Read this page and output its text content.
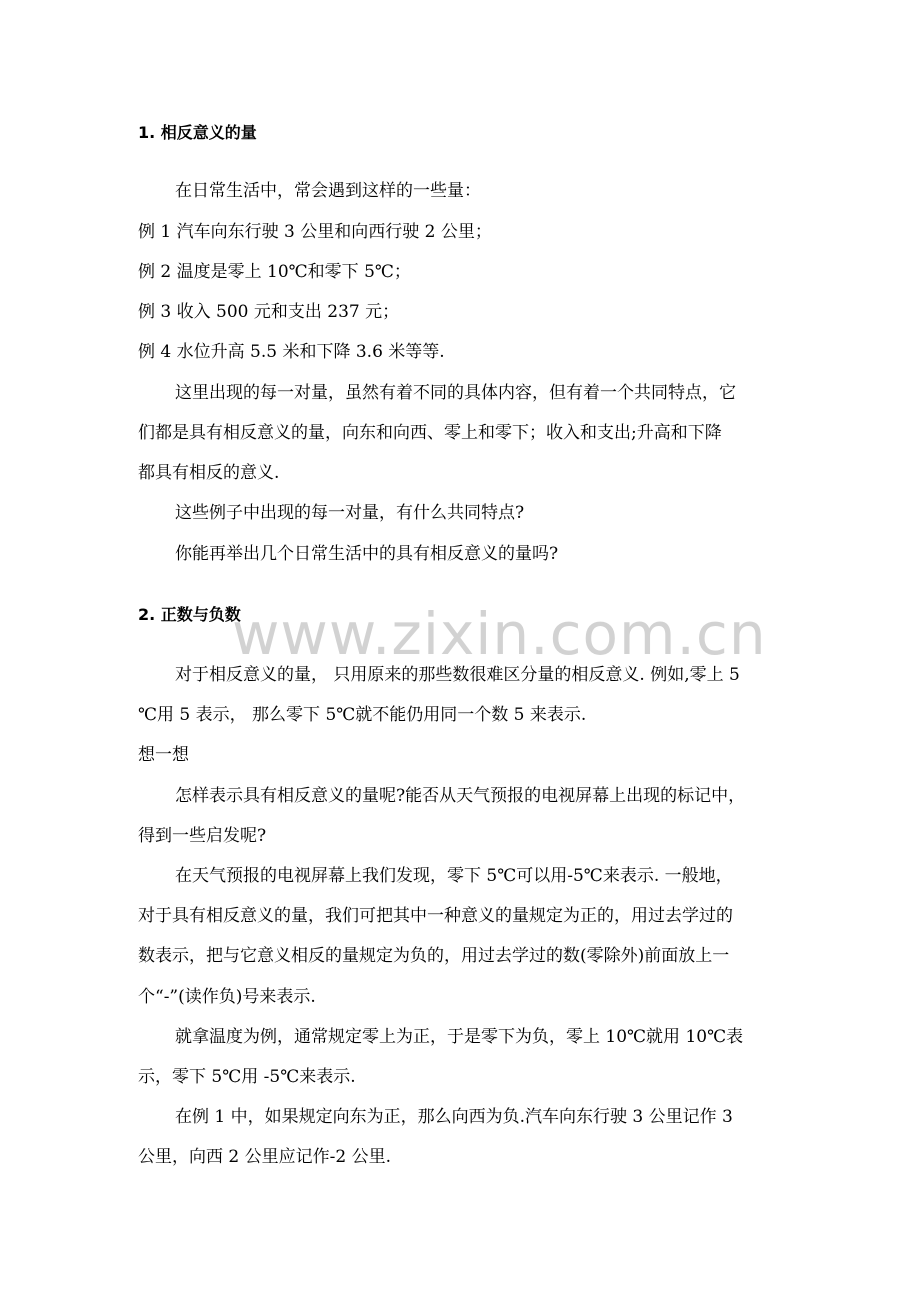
1. 相反意义的量
在日常生活中，常会遇到这样的一些量：
例 1 汽车向东行驶 3 公里和向西行驶 2 公里；
例 2 温度是零上 10℃和零下 5℃；
例 3 收入 500 元和支出 237 元；
例 4 水位升高 5.5 米和下降 3.6 米等等.
这里出现的每一对量，虽然有着不同的具体内容，但有着一个共同特点，它
们都是具有相反意义的量，向东和向西、零上和零下；收入和支出;升高和下降
都具有相反的意义.
这些例子中出现的每一对量，有什么共同特点?
你能再举出几个日常生活中的具有相反意义的量吗?
2. 正数与负数
www.zixin.com.cn
对于相反意义的量， 只用原来的那些数很难区分量的相反意义. 例如,零上 5
℃用 5 表示， 那么零下 5℃就不能仍用同一个数 5 来表示.
想一想
怎样表示具有相反意义的量呢?能否从天气预报的电视屏幕上出现的标记中，
得到一些启发呢?
在天气预报的电视屏幕上我们发现，零下 5℃可以用-5℃来表示. 一般地，
对于具有相反意义的量，我们可把其中一种意义的量规定为正的，用过去学过的
数表示，把与它意义相反的量规定为负的，用过去学过的数(零除外)前面放上一
个“-”(读作负)号来表示.
就拿温度为例，通常规定零上为正，于是零下为负，零上 10℃就用 10℃表
示，零下 5℃用 -5℃来表示.
在例 1 中，如果规定向东为正，那么向西为负.汽车向东行驶 3 公里记作 3
公里，向西 2 公里应记作-2 公里.
